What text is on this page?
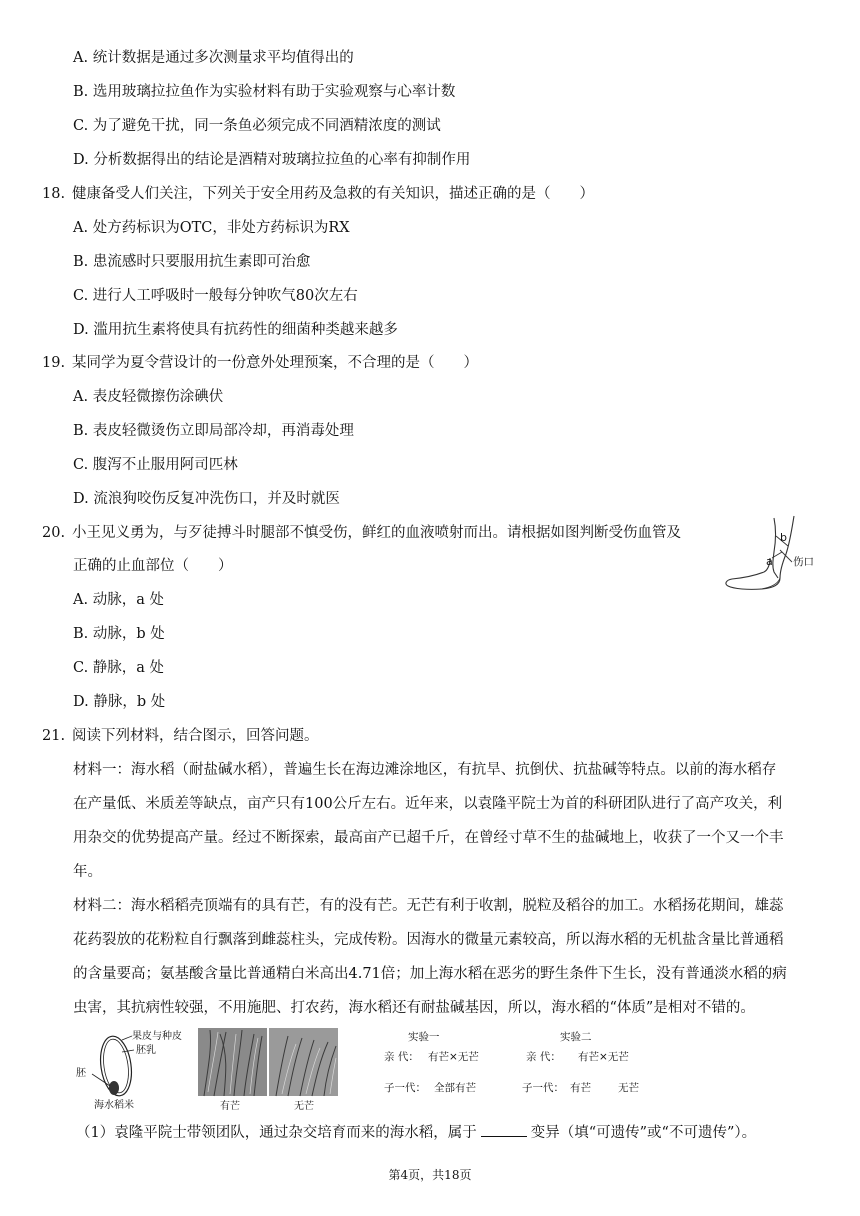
A. 统计数据是通过多次测量求平均值得出的
B. 选用玻璃拉拉鱼作为实验材料有助于实验观察与心率计数
C. 为了避免干扰，同一条鱼必须完成不同酒精浓度的测试
D. 分析数据得出的结论是酒精对玻璃拉拉鱼的心率有抑制作用
18. 健康备受人们关注，下列关于安全用药及急救的有关知识，描述正确的是（　　）
A. 处方药标识为OTC，非处方药标识为RX
B. 患流感时只要服用抗生素即可治愈
C. 进行人工呼吸时一般每分钟吹气80次左右
D. 滥用抗生素将使具有抗药性的细菌种类越来越多
19. 某同学为夏令营设计的一份意外处理预案，不合理的是（　　）
A. 表皮轻微擦伤涂碘伏
B. 表皮轻微烫伤立即局部冷却，再消毒处理
C. 腹泻不止服用阿司匹林
D. 流浪狗咬伤反复冲洗伤口，并及时就医
20. 小王见义勇为，与歹徒搏斗时腿部不慎受伤，鲜红的血液喷射而出。请根据如图判断受伤血管及
正确的止血部位（　　）
A. 动脉，a 处
B. 动脉，b 处
C. 静脉，a 处
D. 静脉，b 处
b
a 伤口
21. 阅读下列材料，结合图示，回答问题。
材料一：海水稻（耐盐碱水稻），普遍生长在海边滩涂地区，有抗旱、抗倒伏、抗盐碱等特点。以前的海水稻存
在产量低、米质差等缺点，亩产只有100公斤左右。近年来，以袁隆平院士为首的科研团队进行了高产攻关，利
用杂交的优势提高产量。经过不断探索，最高亩产已超千斤，在曾经寸草不生的盐碱地上，收获了一个又一个丰
年。
材料二：海水稻稻壳顶端有的具有芒，有的没有芒。无芒有利于收割，脱粒及稻谷的加工。水稻扬花期间，雄蕊
花药裂放的花粉粒自行飘落到雌蕊柱头，完成传粉。因海水的微量元素较高，所以海水稻的无机盐含量比普通稻
的含量要高；氨基酸含量比普通精白米高出4.71倍；加上海水稻在恶劣的野生条件下生长，没有普通淡水稻的病
虫害，其抗病性较强，不用施肥、打农药，海水稻还有耐盐碱基因，所以，海水稻的“体质”是相对不错的。
果皮与种皮
胚乳
胚
海水稻米	有芒	无芒
实验一
亲 代： 有芒×无芒
子一代： 全部有芒
实验二
亲 代： 有芒×无芒
子一代： 有芒	无芒
（1）袁隆平院士带领团队，通过杂交培育而来的海水稻，属于	变异（填“可遗传”或“不可遗传”）。
第4页，共18页
